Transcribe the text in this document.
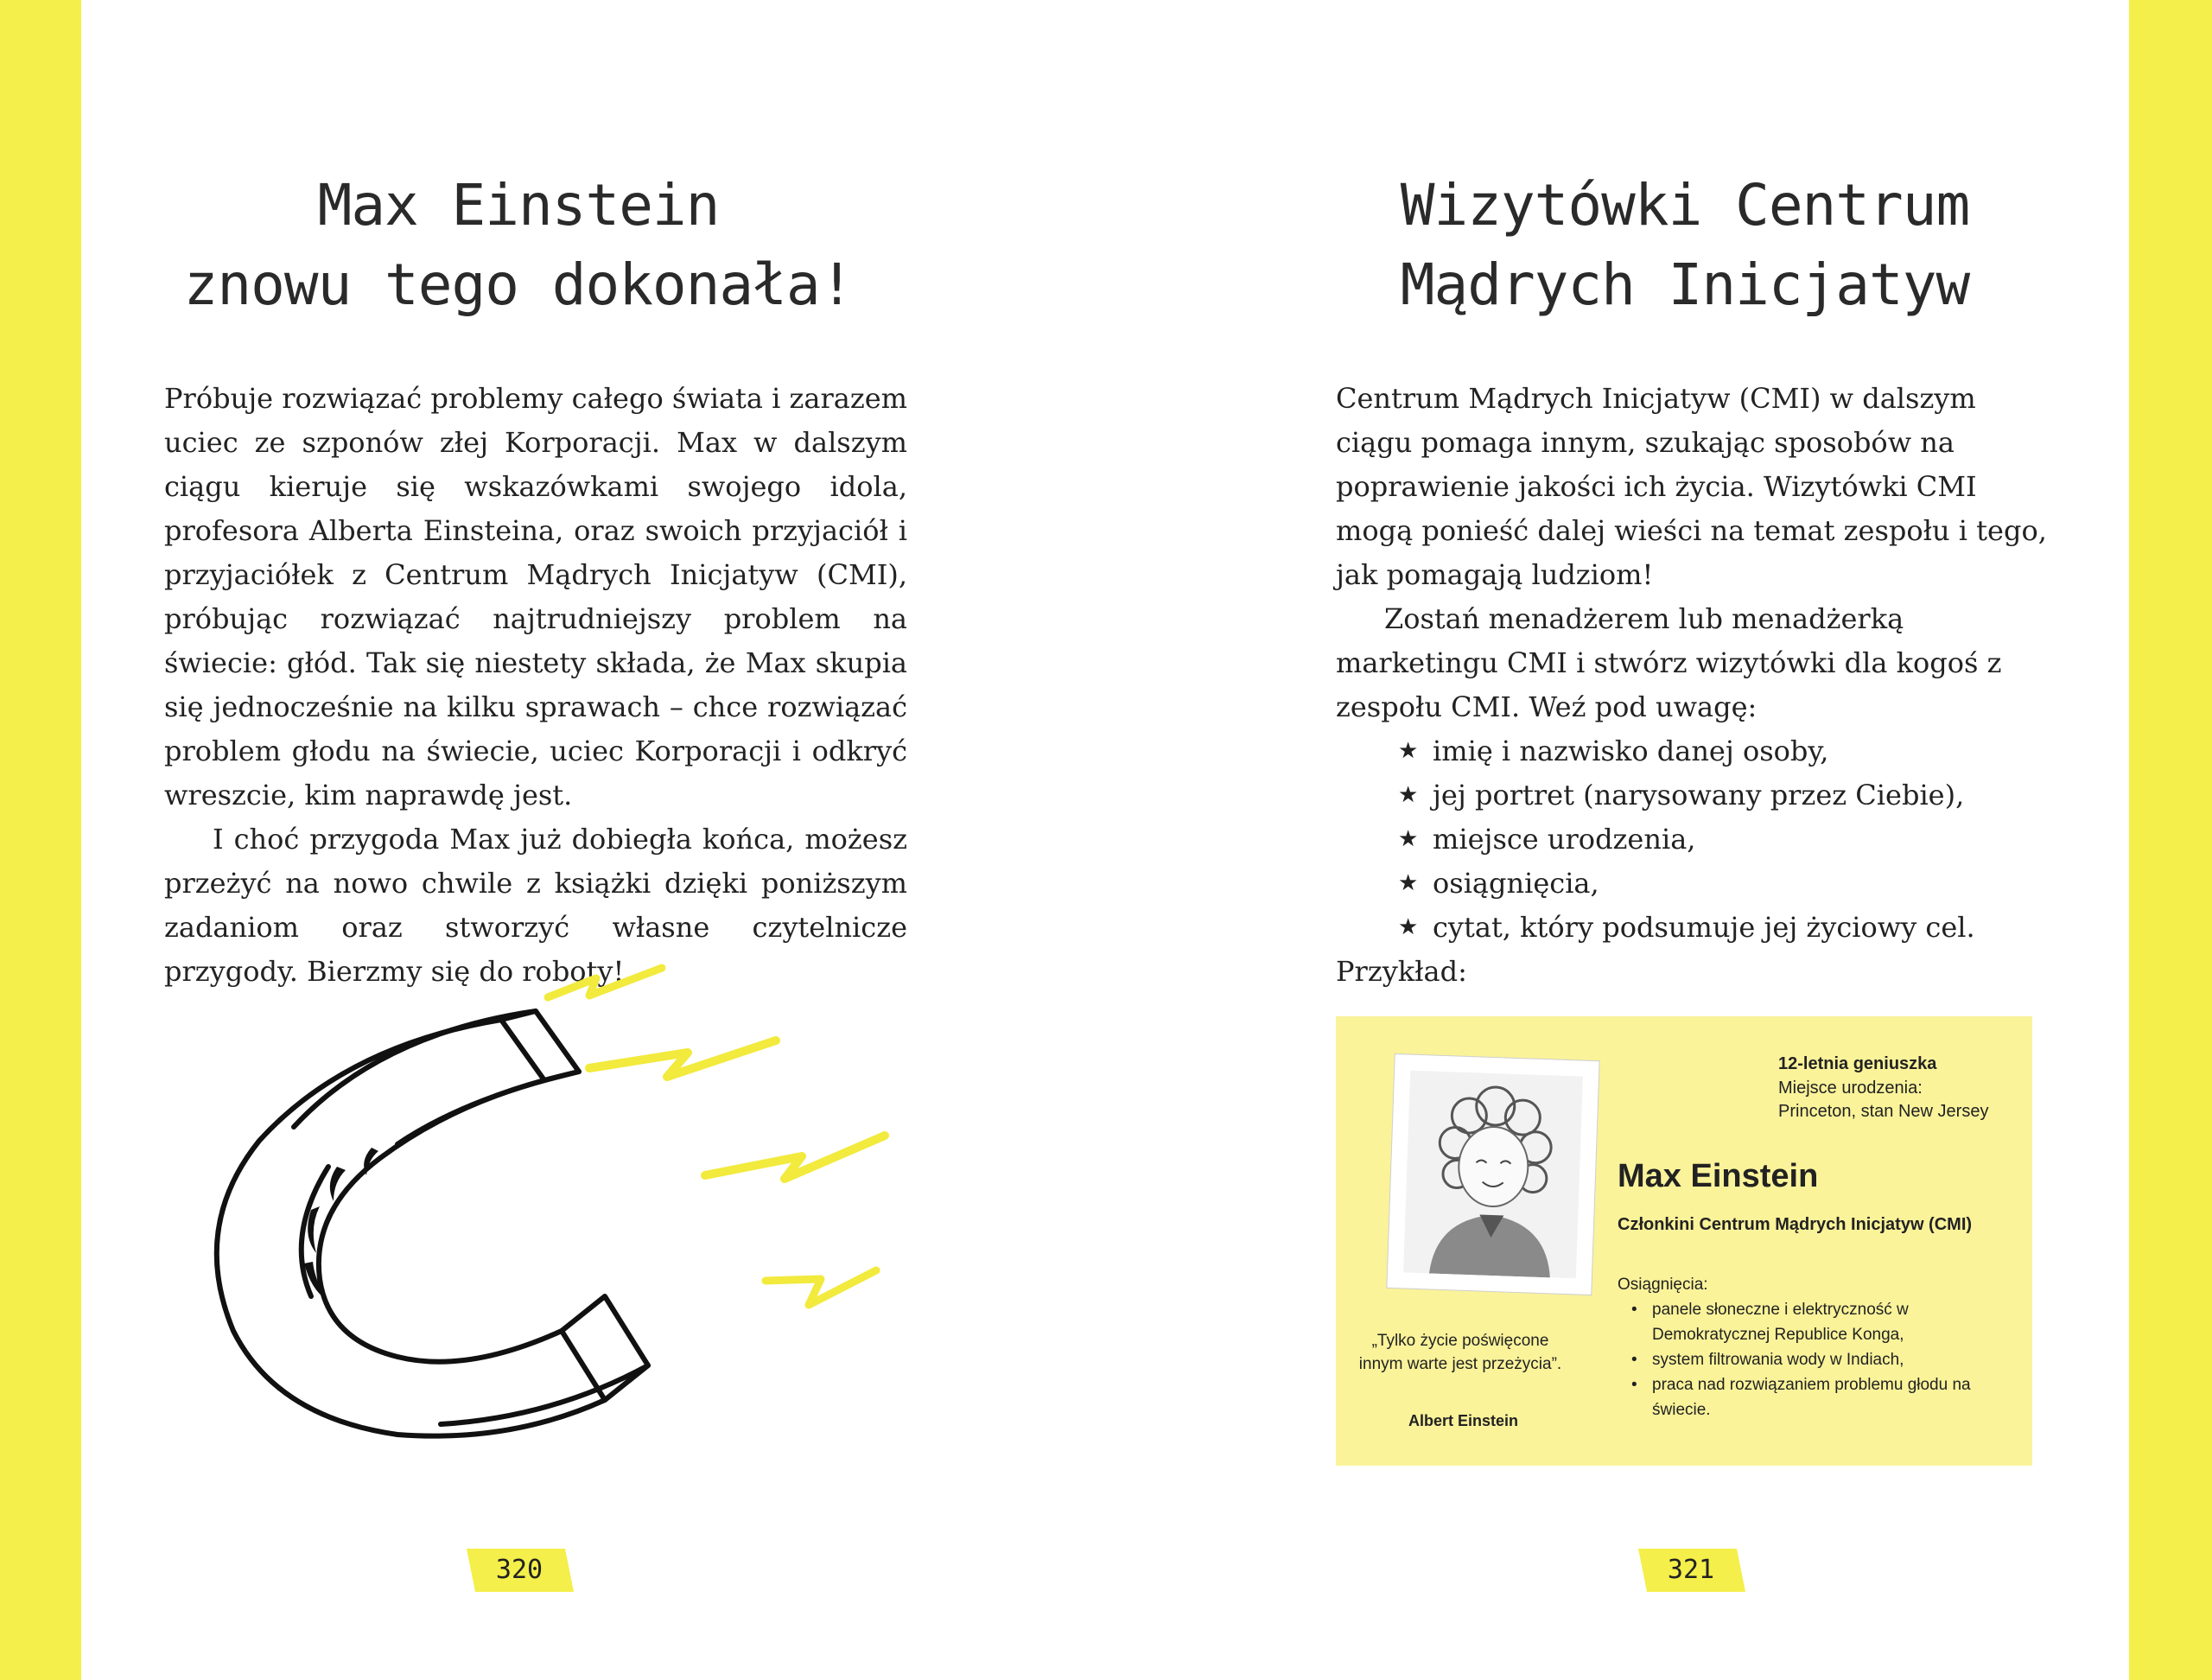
Max Einstein
znowu tego dokonała!

Próbuje rozwiązać problemy całego świata i zarazem uciec ze szponów złej Korporacji. Max w dalszym ciągu kieruje się wskazówkami swojego idola, profesora Alberta Einsteina, oraz swoich przyjaciół i przyjaciółek z Centrum Mądrych Inicjatyw (CMI), próbując rozwiązać najtrudniejszy problem na świecie: głód. Tak się niestety składa, że Max skupia się jednocześnie na kilku sprawach – chce rozwiązać problem głodu na świecie, uciec Korporacji i odkryć wreszcie, kim naprawdę jest.

I choć przygoda Max już dobiegła końca, możesz przeżyć na nowo chwile z książki dzięki poniższym zadaniom oraz stworzyć własne czytelnicze przygody. Bierzmy się do roboty!

320
Wizytówki Centrum
Mądrych Inicjatyw

Centrum Mądrych Inicjatyw (CMI) w dalszym ciągu pomaga innym, szukając sposobów na poprawienie jakości ich życia. Wizytówki CMI mogą ponieść dalej wieści na temat zespołu i tego, jak pomagają ludziom!

Zostań menadżerem lub menadżerką marketingu CMI i stwórz wizytówki dla kogoś z zespołu CMI. Weź pod uwagę:

★ imię i nazwisko danej osoby,
★ jej portret (narysowany przez Ciebie),
★ miejsce urodzenia,
★ osiągnięcia,
★ cytat, który podsumuje jej życiowy cel.

Przykład:

12-letnia geniuszka
Miejsce urodzenia:
Princeton, stan New Jersey
Max Einstein
Członkini Centrum Mądrych Inicjatyw (CMI)
Osiągnięcia:
• panele słoneczne i elektryczność w Demokratycznej Republice Konga,
• system filtrowania wody w Indiach,
• praca nad rozwiązaniem problemu głodu na świecie.
„Tylko życie poświęcone innym warte jest przeżycia”.
Albert Einstein
321
